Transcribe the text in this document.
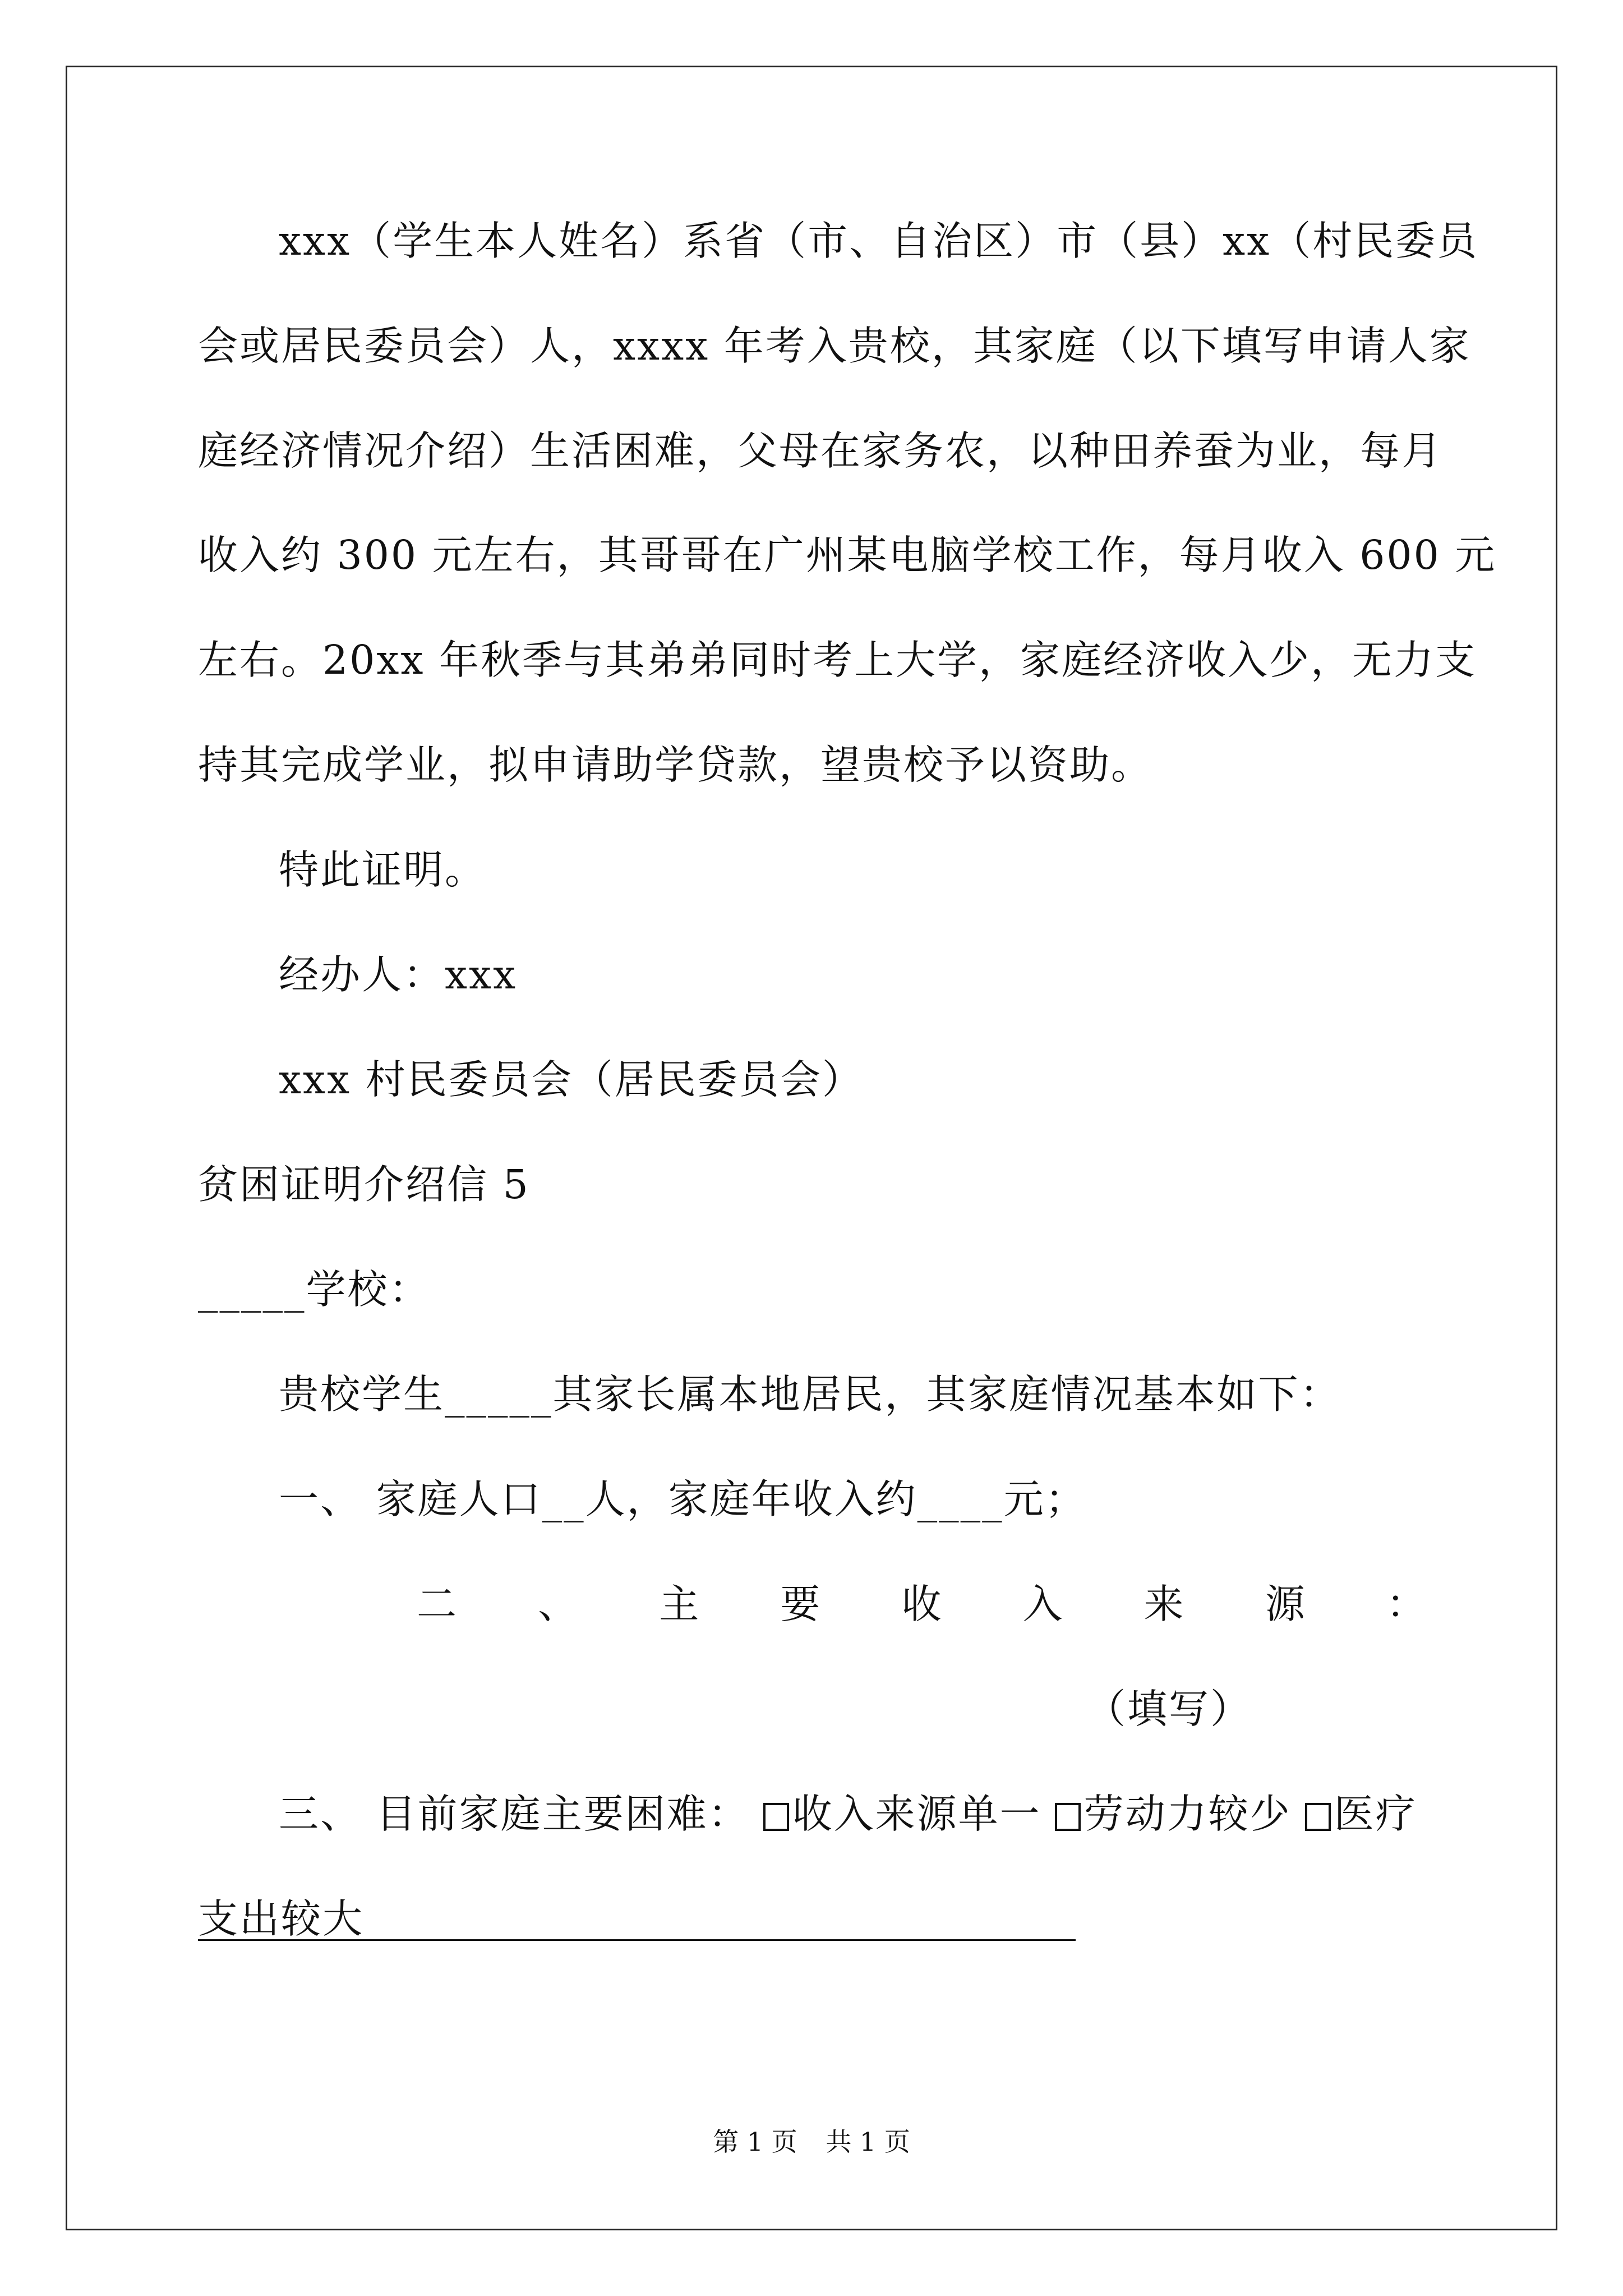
xxx（学生本人姓名）系省（市、自治区）市（县）xx（村民委员
会或居民委员会）人，xxxx 年考入贵校，其家庭（以下填写申请人家
庭经济情况介绍）生活困难，父母在家务农，以种田养蚕为业，每月
收入约 300 元左右，其哥哥在广州某电脑学校工作，每月收入 600 元
左右。20xx 年秋季与其弟弟同时考上大学，家庭经济收入少，无力支
持其完成学业，拟申请助学贷款，望贵校予以资助。
特此证明。
经办人：xxx
xxx 村民委员会（居民委员会）
贫困证明介绍信 5
_____学校：
贵校学生_____其家长属本地居民，其家庭情况基本如下：
一、 家庭人口__人，家庭年收入约____元；
二 、 主 要 收 入 来 源 ：
（填写）
三、 目前家庭主要困难： 收入来源单一 劳动力较少 医疗
支出较大
第 1 页 共 1 页
